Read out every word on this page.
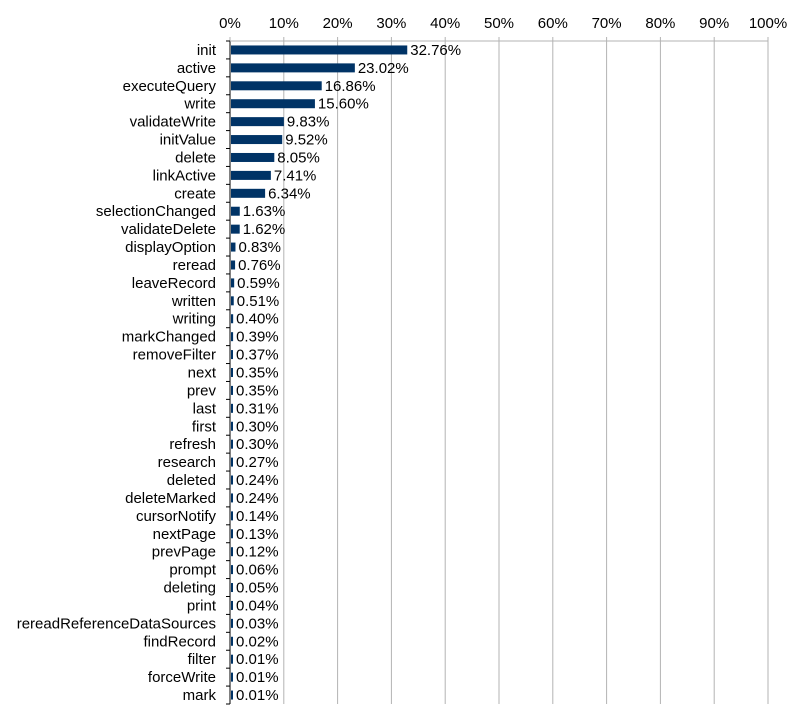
0% 10% 20% 30% 40% 50% 60% 70% 80% 90% 100%
init	32.76%
active	23.02%
executeQuery	16.86%
write	15.60%
validateWrite	9.83%
initValue	9.52%
delete	8.05%
linkActive	7.41%
create	6.34%
selectionChanged 1.63%
validateDelete 1.62%
displayOption 0.83%
reread 0.76%
leaveRecord 0.59%
written 0.51%
writing 0.40%
markChanged 0.39%
removeFilter 0.37%
next 0.35%
prev 0.35%
last 0.31%
first 0.30%
refresh 0.30%
research 0.27%
deleted 0.24%
deleteMarked 0.24%
cursorNotify 0.14%
nextPage 0.13%
prevPage 0.12%
prompt 0.06%
deleting 0.05%
print 0.04%
rereadReferenceDataSources 0.03%
findRecord 0.02%
filter 0.01%
forceWrite 0.01%
mark 0.01%
